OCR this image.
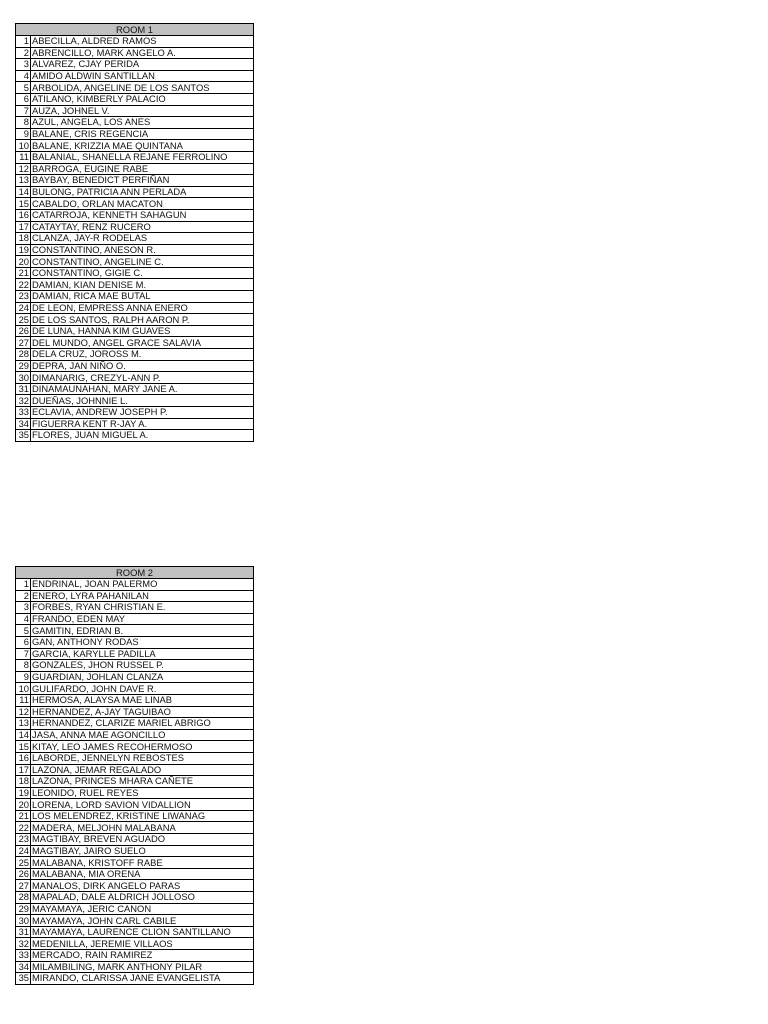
ROOM 1	
1	ABECILLA, ALDRED RAMOS
2	ABRENCILLO, MARK ANGELO A.
3	ALVAREZ, CJAY PERIDA
4	AMIDO ALDWIN SANTILLAN
5	ARBOLIDA, ANGELINE DE LOS SANTOS
6	ATILANO, KIMBERLY PALACIO
7	AUZA, JOHNEL V.
8	AZUL, ANGELA, LOS ANES
9	BALANE, CRIS REGENCIA
10	BALANE, KRIZZIA MAE QUINTANA
11	BALANIAL, SHANELLA REJANE FERROLINO
12	BARROGA, EUGINE RABE
13	BAYBAY, BENEDICT PERFIÑAN
14	BULONG, PATRICIA ANN PERLADA
15	CABALDO, ORLAN MACATON
16	CATARROJA, KENNETH SAHAGUN
17	CATAYTAY, RENZ RUCERO
18	CLANZA, JAY-R RODELAS
19	CONSTANTINO, ANESON R.
20	CONSTANTINO, ANGELINE C.
21	CONSTANTINO, GIGIE C.
22	DAMIAN, KIAN DENISE M.
23	DAMIAN, RICA MAE BUTAL
24	DE LEON, EMPRESS ANNA ENERO
25	DE LOS SANTOS, RALPH AARON P.
26	DE LUNA, HANNA KIM GUAVES
27	DEL MUNDO, ANGEL GRACE SALAVIA
28	DELA CRUZ, JOROSS M.
29	DEPRA, JAN NIÑO O.
30	DIMANARIG, CREZYL-ANN P.
31	DINAMAUNAHAN, MARY JANE A.
32	DUEÑAS, JOHNNIE L.
33	ECLAVIA, ANDREW JOSEPH P.
34	FIGUERRA KENT R-JAY A.
35	FLORES, JUAN MIGUEL A.
ROOM 2	
1	ENDRINAL, JOAN PALERMO
2	ENERO, LYRA PAHANILAN
3	FORBES, RYAN CHRISTIAN E.
4	FRANDO, EDEN MAY
5	GAMITIN, EDRIAN B.
6	GAN, ANTHONY RODAS
7	GARCIA, KARYLLE PADILLA
8	GONZALES, JHON RUSSEL P.
9	GUARDIAN, JOHLAN CLANZA
10	GULIFARDO, JOHN DAVE R.
11	HERMOSA, ALAYSA MAE LINAB
12	HERNANDEZ, A-JAY TAGUIBAO
13	HERNANDEZ, CLARIZE MARIEL ABRIGO
14	JASA, ANNA MAE AGONCILLO
15	KITAY, LEO JAMES RECOHERMOSO
16	LABORDE, JENNELYN REBOSTES
17	LAZONA, JEMAR REGALADO
18	LAZONA, PRINCES MHARA CAÑETE
19	LEONIDO, RUEL REYES
20	LORENA, LORD SAVION VIDALLION
21	LOS MELENDREZ, KRISTINE LIWANAG
22	MADERA, MELJOHN MALABANA
23	MAGTIBAY, BREVEN AGUADO
24	MAGTIBAY, JAIRO SUELO
25	MALABANA, KRISTOFF RABE
26	MALABANA, MIA ORENA
27	MANALOS, DIRK ANGELO PARAS
28	MAPALAD, DALE ALDRICH JOLLOSO
29	MAYAMAYA, JERIC CANON
30	MAYAMAYA, JOHN CARL CABILE
31	MAYAMAYA, LAURENCE CLION SANTILLANO
32	MEDENILLA, JEREMIE VILLAOS
33	MERCADO, RAIN RAMIREZ
34	MILAMBILING, MARK ANTHONY PILAR
35	MIRANDO, CLARISSA JANE EVANGELISTA
